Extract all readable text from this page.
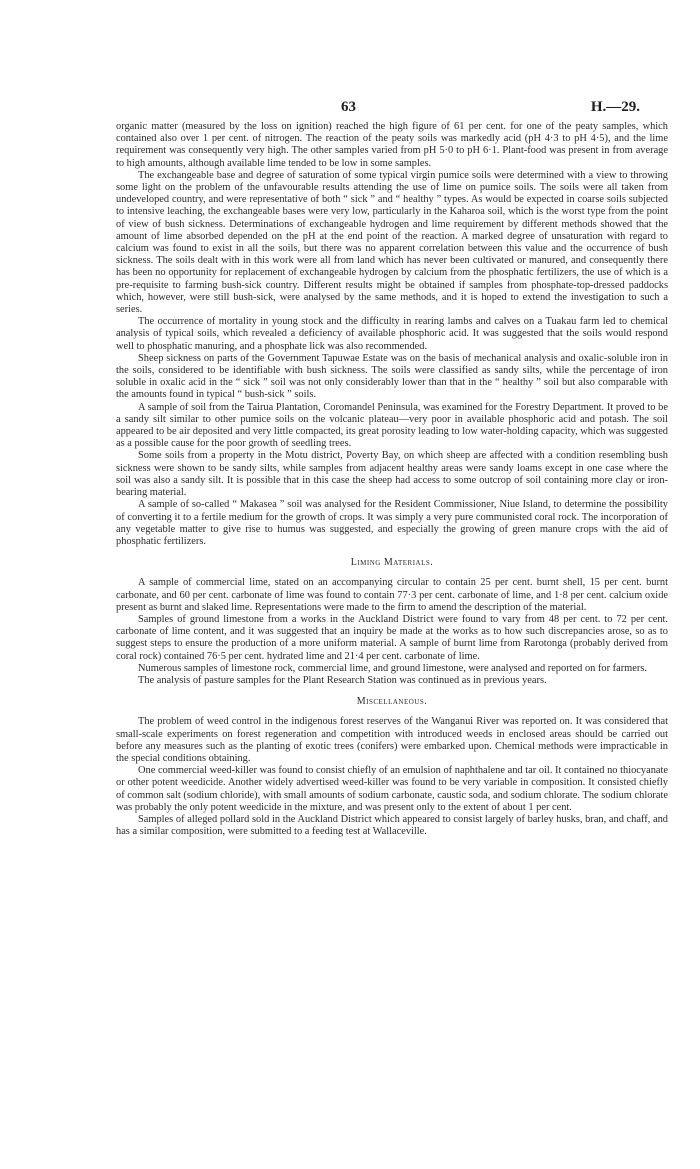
63	H.—29.

organic matter (measured by the loss on ignition) reached the high figure of 61 per cent. for one of the peaty samples, which contained also over 1 per cent. of nitrogen. The reaction of the peaty soils was markedly acid (pH 4·3 to pH 4·5), and the lime requirement was consequently very high. The other samples varied from pH 5·0 to pH 6·1. Plant-food was present in from average to high amounts, although available lime tended to be low in some samples.

The exchangeable base and degree of saturation of some typical virgin pumice soils were determined with a view to throwing some light on the problem of the unfavourable results attending the use of lime on pumice soils. The soils were all taken from undeveloped country, and were representative of both “ sick ” and “ healthy ” types. As would be expected in coarse soils subjected to intensive leaching, the exchangeable bases were very low, particularly in the Kaharoa soil, which is the worst type from the point of view of bush sickness. Determinations of exchangeable hydrogen and lime requirement by different methods showed that the amount of lime absorbed depended on the pH at the end point of the reaction. A marked degree of unsaturation with regard to calcium was found to exist in all the soils, but there was no apparent correlation between this value and the occurrence of bush sickness. The soils dealt with in this work were all from land which has never been cultivated or manured, and consequently there has been no opportunity for replacement of exchangeable hydrogen by calcium from the phosphatic fertilizers, the use of which is a pre-requisite to farming bush-sick country. Different results might be obtained if samples from phosphate-top-dressed paddocks which, however, were still bush-sick, were analysed by the same methods, and it is hoped to extend the investigation to such a series.

The occurrence of mortality in young stock and the difficulty in rearing lambs and calves on a Tuakau farm led to chemical analysis of typical soils, which revealed a deficiency of available phosphoric acid. It was suggested that the soils would respond well to phosphatic manuring, and a phosphate lick was also recommended.

Sheep sickness on parts of the Government Tapuwae Estate was on the basis of mechanical analysis and oxalic-soluble iron in the soils, considered to be identifiable with bush sickness. The soils were classified as sandy silts, while the percentage of iron soluble in oxalic acid in the “ sick ” soil was not only considerably lower than that in the “ healthy ” soil but also comparable with the amounts found in typical “ bush-sick ” soils.

A sample of soil from the Tairua Plantation, Coromandel Peninsula, was examined for the Forestry Department. It proved to be a sandy silt similar to other pumice soils on the volcanic plateau—very poor in available phosphoric acid and potash. The soil appeared to be air deposited and very little compacted, its great porosity leading to low water-holding capacity, which was suggested as a possible cause for the poor growth of seedling trees.

Some soils from a property in the Motu district, Poverty Bay, on which sheep are affected with a condition resembling bush sickness were shown to be sandy silts, while samples from adjacent healthy areas were sandy loams except in one case where the soil was also a sandy silt. It is possible that in this case the sheep had access to some outcrop of soil containing more clay or iron-bearing material.

A sample of so-called “ Makasea ” soil was analysed for the Resident Commissioner, Niue Island, to determine the possibility of converting it to a fertile medium for the growth of crops. It was simply a very pure communisted coral rock. The incorporation of any vegetable matter to give rise to humus was suggested, and especially the growing of green manure crops with the aid of phosphatic fertilizers.

Liming Materials.

A sample of commercial lime, stated on an accompanying circular to contain 25 per cent. burnt shell, 15 per cent. burnt carbonate, and 60 per cent. carbonate of lime was found to contain 77·3 per cent. carbonate of lime, and 1·8 per cent. calcium oxide present as burnt and slaked lime. Representations were made to the firm to amend the description of the material.

Samples of ground limestone from a works in the Auckland District were found to vary from 48 per cent. to 72 per cent. carbonate of lime content, and it was suggested that an inquiry be made at the works as to how such discrepancies arose, so as to suggest steps to ensure the production of a more uniform material. A sample of burnt lime from Rarotonga (probably derived from coral rock) contained 76·5 per cent. hydrated lime and 21·4 per cent. carbonate of lime.

Numerous samples of limestone rock, commercial lime, and ground limestone, were analysed and reported on for farmers.

The analysis of pasture samples for the Plant Research Station was continued as in previous years.

Miscellaneous.

The problem of weed control in the indigenous forest reserves of the Wanganui River was reported on. It was considered that small-scale experiments on forest regeneration and competition with introduced weeds in enclosed areas should be carried out before any measures such as the planting of exotic trees (conifers) were embarked upon. Chemical methods were impracticable in the special conditions obtaining.

One commercial weed-killer was found to consist chiefly of an emulsion of naphthalene and tar oil. It contained no thiocyanate or other potent weedicide. Another widely advertised weed-killer was found to be very variable in composition. It consisted chiefly of common salt (sodium chloride), with small amounts of sodium carbonate, caustic soda, and sodium chlorate. The sodium chlorate was probably the only potent weedicide in the mixture, and was present only to the extent of about 1 per cent.

Samples of alleged pollard sold in the Auckland District which appeared to consist largely of barley husks, bran, and chaff, and has a similar composition, were submitted to a feeding test at Wallaceville.
